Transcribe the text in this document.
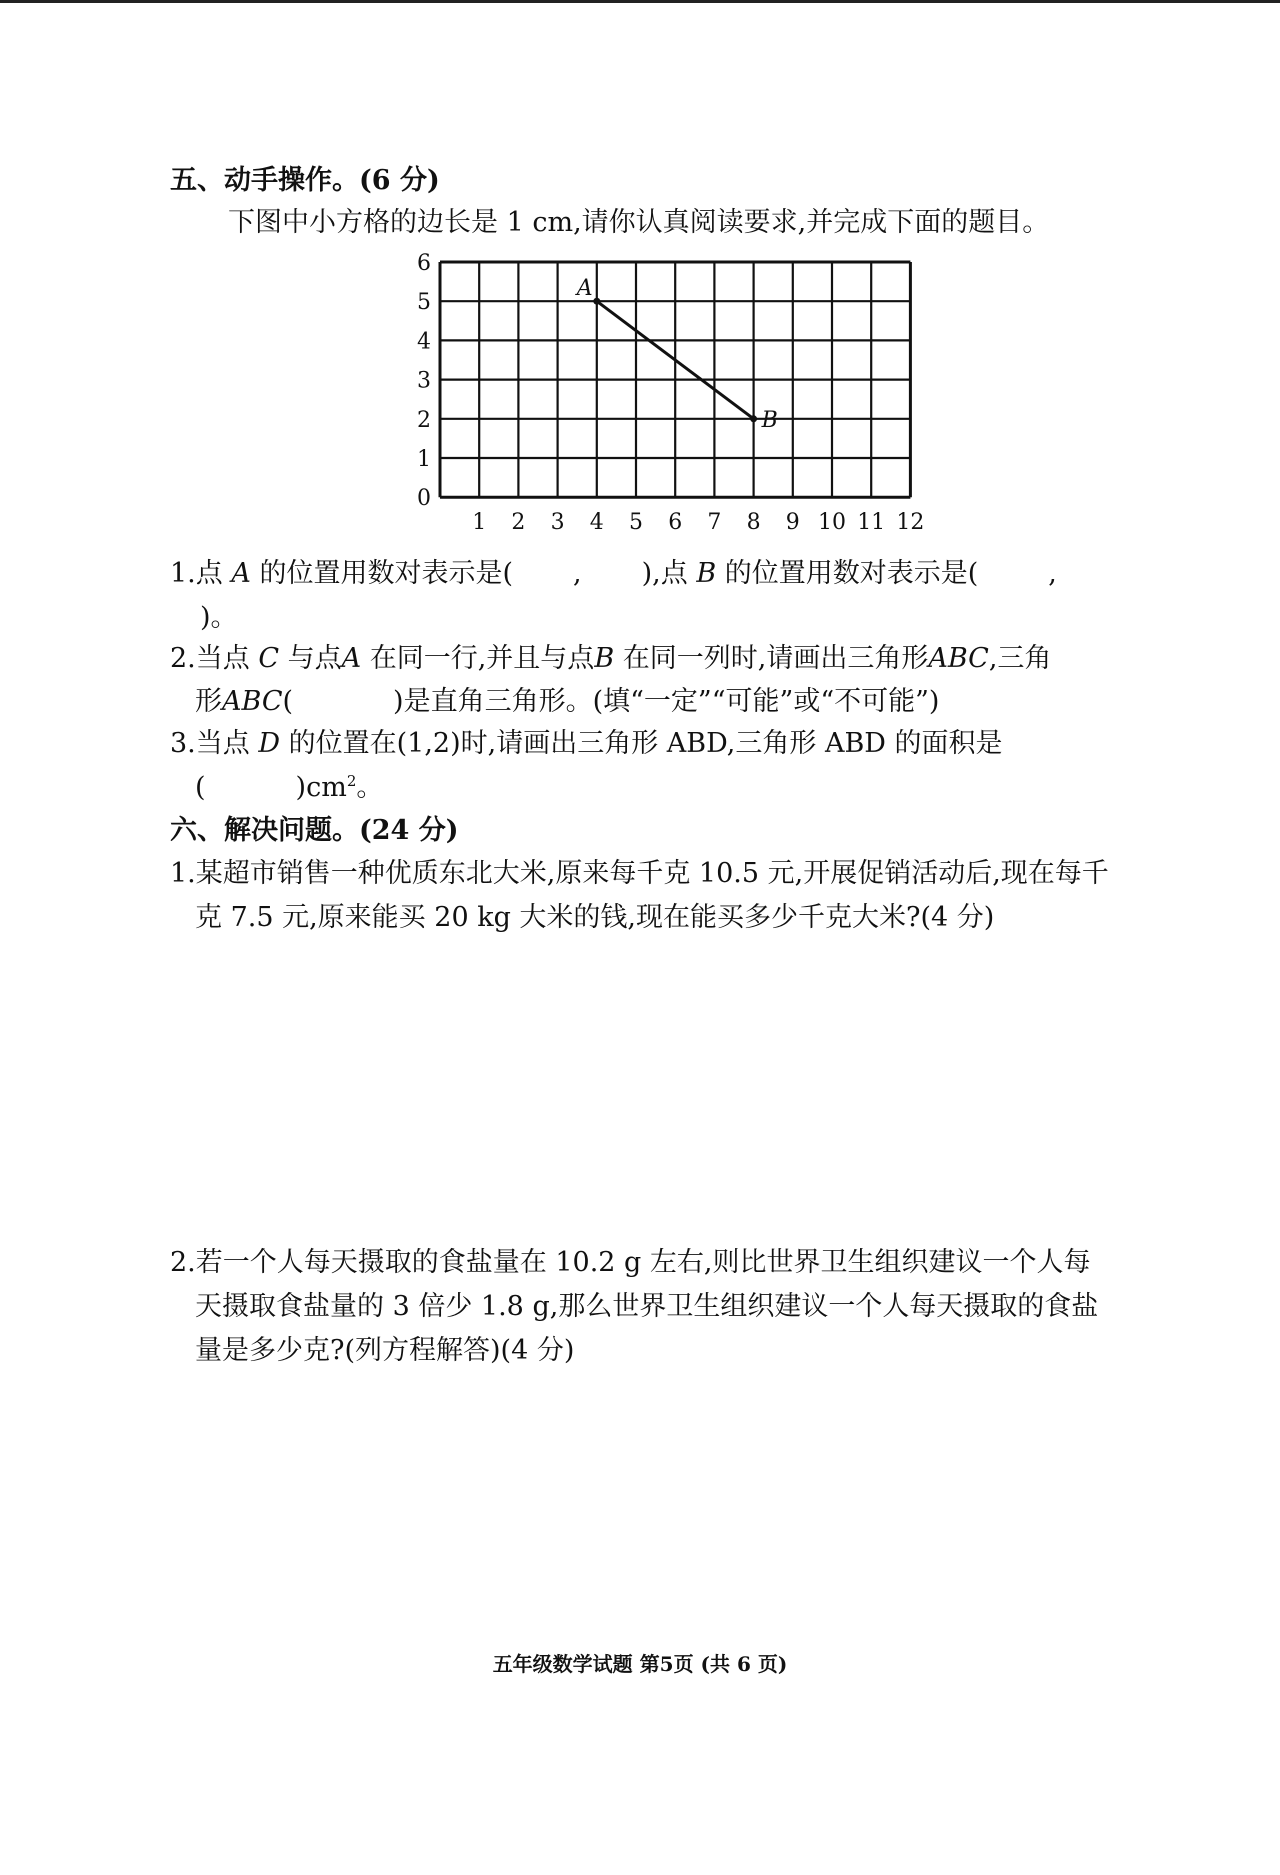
五、动手操作。(6 分)
下图中小方格的边长是 1 cm,请你认真阅读要求,并完成下面的题目。
0
1
2
3
4
5
6
1 2 3 4 5 6 7 8 9 10 11 12
A
B
1.点 A 的位置用数对表示是( , ),点 B 的位置用数对表示是(	,
)。
2.当点 C 与点A 在同一行,并且与点B 在同一列时,请画出三角形ABC,三角
形ABC(	)是直角三角形。(填“一定”“可能”或“不可能”)
3.当点 D 的位置在(1,2)时,请画出三角形 ABD,三角形 ABD 的面积是
(	)$cm^2$。
六、解决问题。(24 分)
1.某超市销售一种优质东北大米,原来每千克 10.5 元,开展促销活动后,现在每千
克 7.5 元,原来能买 20 kg 大米的钱,现在能买多少千克大米?(4 分)
2.若一个人每天摄取的食盐量在 10.2 g 左右,则比世界卫生组织建议一个人每
天摄取食盐量的 3 倍少 1.8 g,那么世界卫生组织建议一个人每天摄取的食盐
量是多少克?(列方程解答)(4 分)
五年级数学试题 第5页 (共 6 页)
